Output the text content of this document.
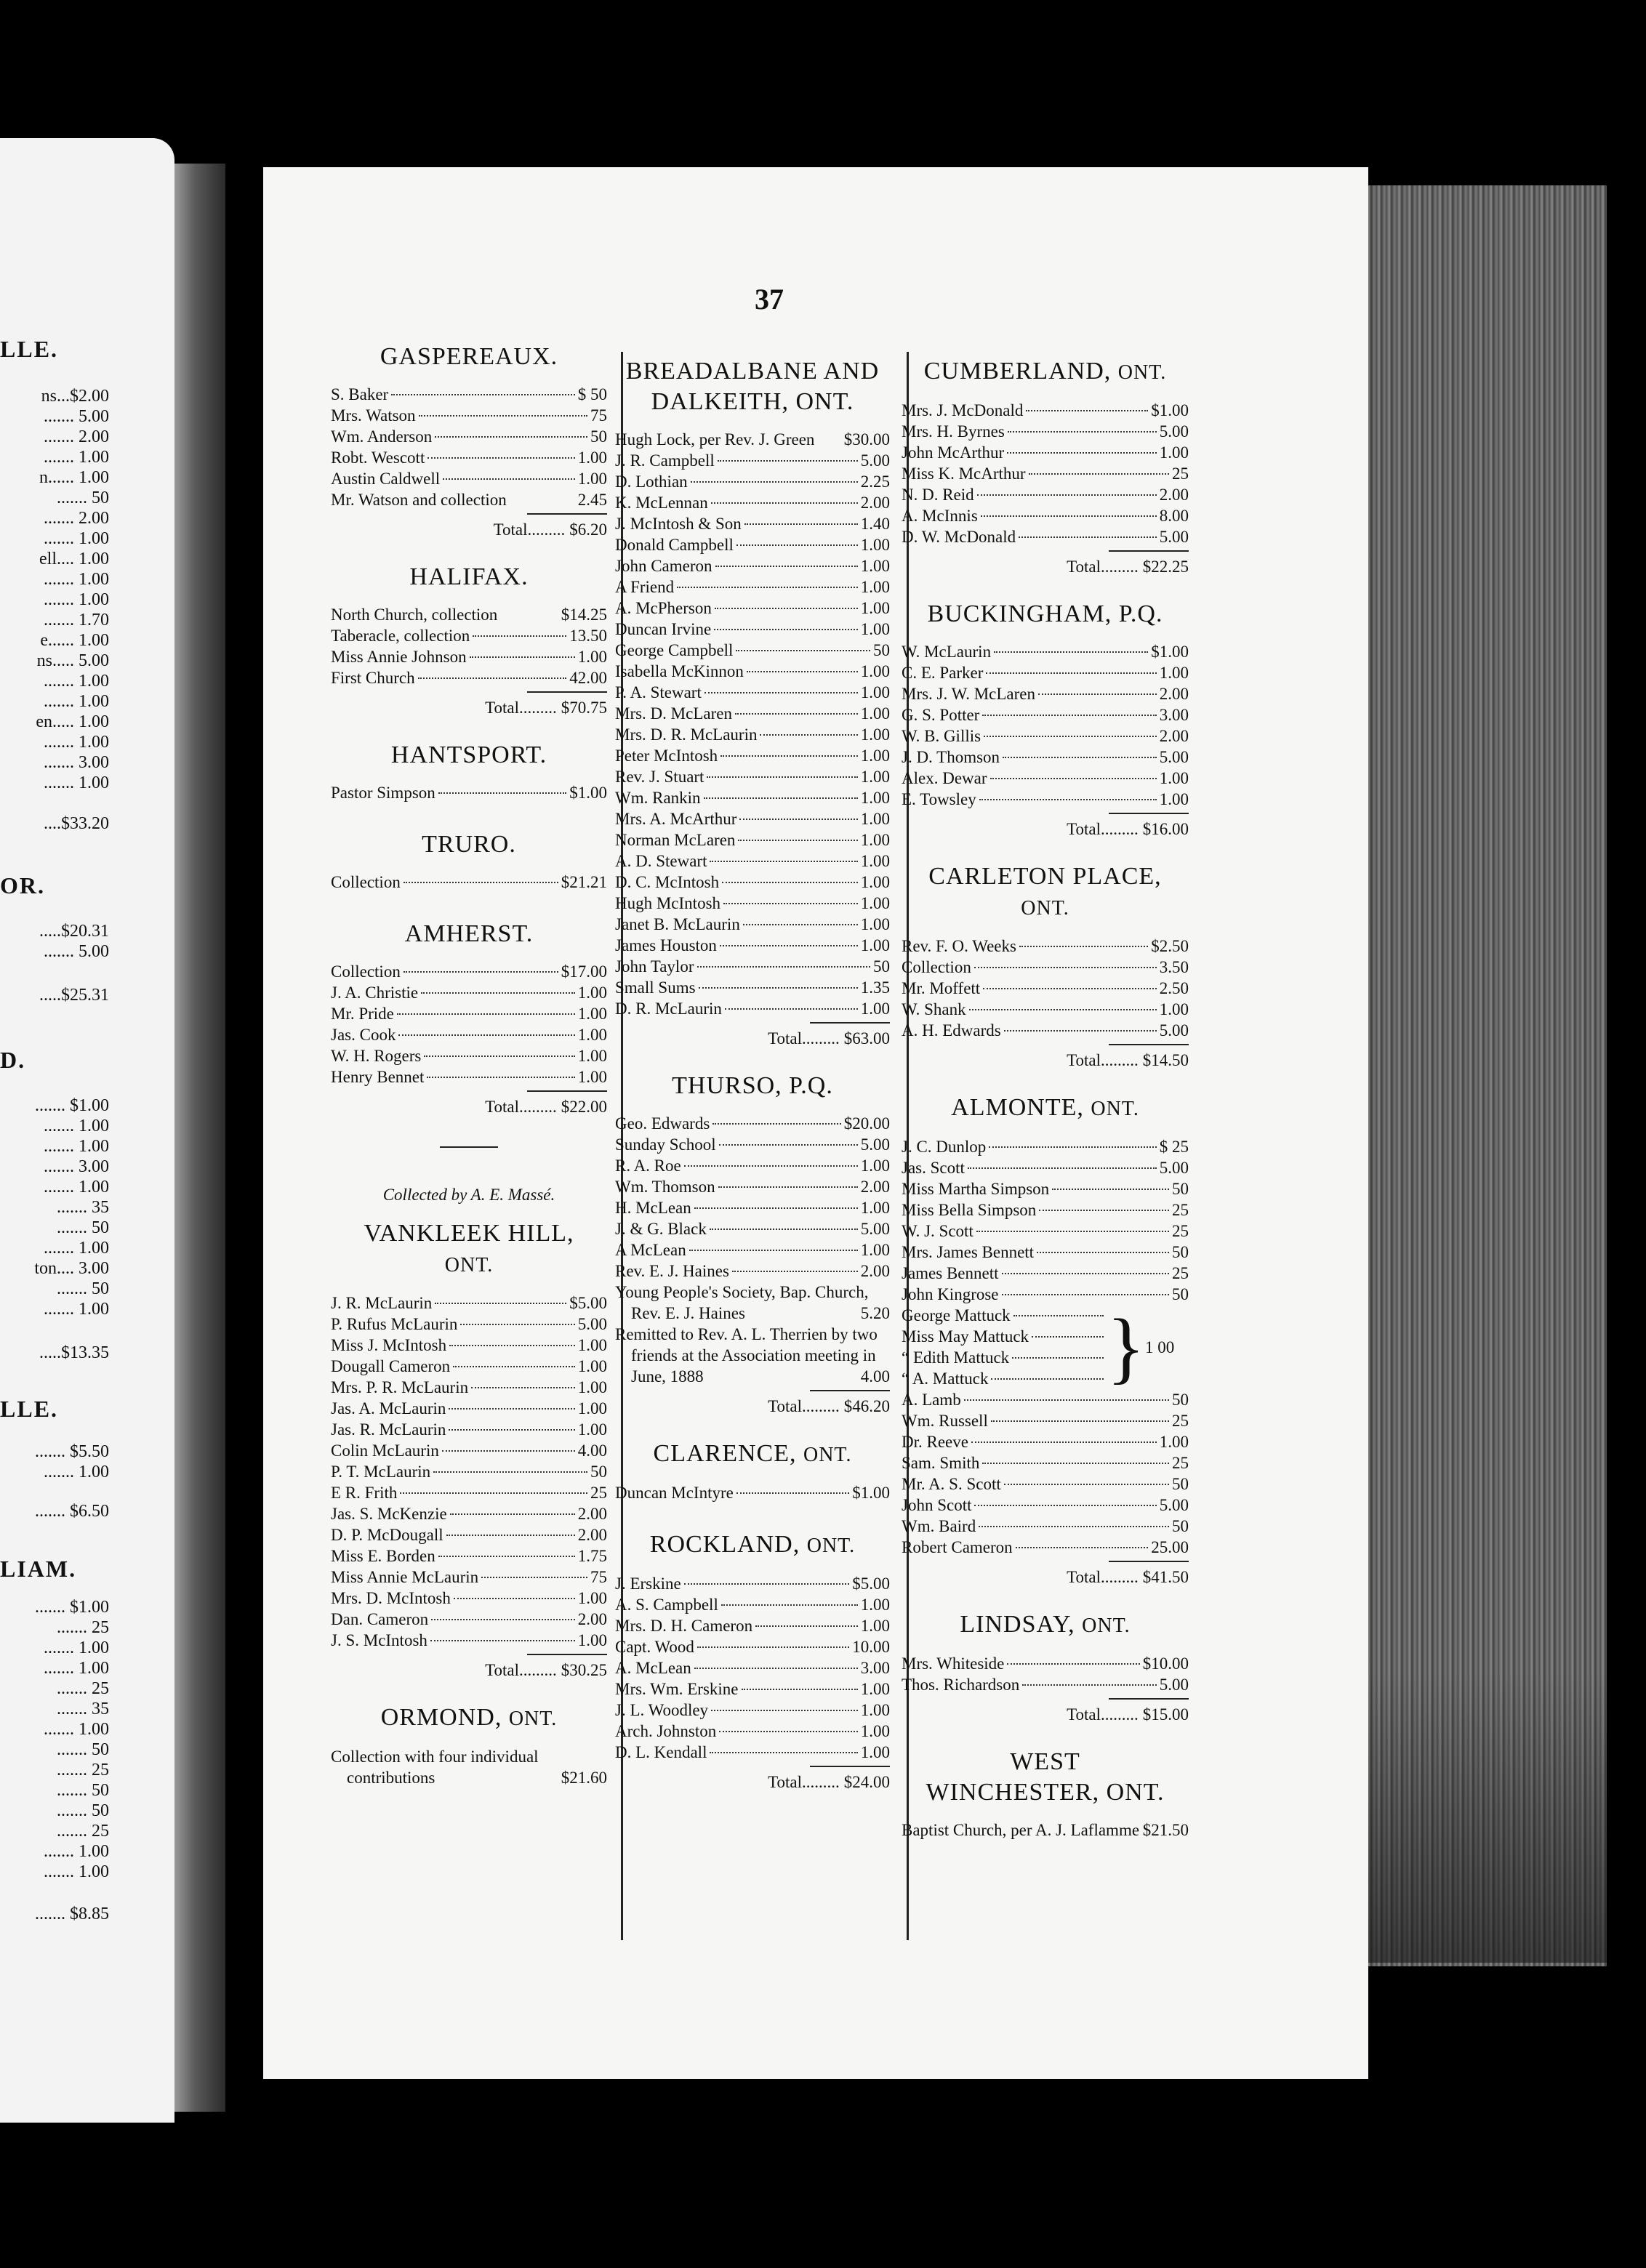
LLE.
ns...$2.00
....... 5.00
....... 2.00
....... 1.00
n...... 1.00
....... 50
....... 2.00
....... 1.00
ell.... 1.00
....... 1.00
....... 1.00
....... 1.70
e...... 1.00
ns..... 5.00
....... 1.00
....... 1.00
en..... 1.00
....... 1.00
....... 3.00
....... 1.00
....$33.20
OR.
.....$20.31
....... 5.00
.....$25.31
D.
....... $1.00
....... 1.00
....... 1.00
....... 3.00
....... 1.00
....... 35
....... 50
....... 1.00
ton.... 3.00
....... 50
....... 1.00
.....$13.35
LLE.
....... $5.50
....... 1.00
....... $6.50
LIAM.
....... $1.00
....... 25
....... 1.00
....... 1.00
....... 25
....... 35
....... 1.00
....... 50
....... 25
....... 50
....... 50
....... 25
....... 1.00
....... 1.00
....... $8.85
37
GASPEREAUX.
S. Baker	$ 50
Mrs. Watson	75
Wm. Anderson	50
Robt. Wescott	1.00
Austin Caldwell	1.00
Mr. Watson and collection	2.45
Total......... $6.20
HALIFAX.
North Church, collection	$14.25
Taberacle, collection	13.50
Miss Annie Johnson	1.00
First Church	42.00
Total......... $70.75
HANTSPORT.
Pastor Simpson	$1.00
TRURO.
Collection	$21.21
AMHERST.
Collection	$17.00
J. A. Christie	1.00
Mr. Pride	1.00
Jas. Cook	1.00
W. H. Rogers	1.00
Henry Bennet	1.00
Total......... $22.00
Collected by A. E. Massé.
VANKLEEK HILL,
ONT.
J. R. McLaurin	$5.00
P. Rufus McLaurin	5.00
Miss J. McIntosh	1.00
Dougall Cameron	1.00
Mrs. P. R. McLaurin	1.00
Jas. A. McLaurin	1.00
Jas. R. McLaurin	1.00
Colin McLaurin	4.00
P. T. McLaurin	50
E R. Frith	25
Jas. S. McKenzie	2.00
D. P. McDougall	2.00
Miss E. Borden	1.75
Miss Annie McLaurin	75
Mrs. D. McIntosh	1.00
Dan. Cameron	2.00
J. S. McIntosh	1.00
Total......... $30.25
ORMOND, ONT.
Collection with four individual contributions	$21.60
BREADALBANE AND
DALKEITH, ONT.
Hugh Lock, per Rev. J. Green $30.00
J. R. Campbell	5.00
D. Lothian	2.25
K. McLennan	2.00
J. McIntosh & Son	1.40
Donald Campbell	1.00
John Cameron	1.00
A Friend	1.00
A. McPherson	1.00
Duncan Irvine	1.00
George Campbell	50
Isabella McKinnon	1.00
P. A. Stewart	1.00
Mrs. D. McLaren	1.00
Mrs. D. R. McLaurin	1.00
Peter McIntosh	1.00
Rev. J. Stuart	1.00
Wm. Rankin	1.00
Mrs. A. McArthur	1.00
Norman McLaren	1.00
A. D. Stewart	1.00
D. C. McIntosh	1.00
Hugh McIntosh	1.00
Janet B. McLaurin	1.00
James Houston	1.00
John Taylor	50
Small Sums	1.35
D. R. McLaurin	1.00
Total......... $63.00
THURSO, P.Q.
Geo. Edwards	$20.00
Sunday School	5.00
R. A. Roe	1.00
Wm. Thomson	2.00
H. McLean	1.00
J. & G. Black	5.00
A McLean	1.00
Rev. E. J. Haines	2.00
Young People's Society, Bap. Church, Rev. E. J. Haines	5.20
Remitted to Rev. A. L. Therrien by two friends at the Association meeting in June, 1888	4.00
Total......... $46.20
CLARENCE, ONT.
Duncan McIntyre	$1.00
ROCKLAND, ONT.
J. Erskine	$5.00
A. S. Campbell	1.00
Mrs. D. H. Cameron	1.00
Capt. Wood	10.00
A. McLean	3.00
Mrs. Wm. Erskine	1.00
J. L. Woodley	1.00
Arch. Johnston	1.00
D. L. Kendall	1.00
Total......... $24.00
CUMBERLAND, ONT.
Mrs. J. McDonald	$1.00
Mrs. H. Byrnes	5.00
John McArthur	1.00
Miss K. McArthur	25
N. D. Reid	2.00
A. McInnis	8.00
D. W. McDonald	5.00
Total......... $22.25
BUCKINGHAM, P.Q.
W. McLaurin	$1.00
C. E. Parker	1.00
Mrs. J. W. McLaren	2.00
G. S. Potter	3.00
W. B. Gillis	2.00
J. D. Thomson	5.00
Alex. Dewar	1.00
E. Towsley	1.00
Total......... $16.00
CARLETON PLACE,
ONT.
Rev. F. O. Weeks	$2.50
Collection	3.50
Mr. Moffett	2.50
W. Shank	1.00
A. H. Edwards	5.00
Total......... $14.50
ALMONTE, ONT.
J. C. Dunlop	$ 25
Jas. Scott	5.00
Miss Martha Simpson	50
Miss Bella Simpson	25
W. J. Scott	25
Mrs. James Bennett	50
James Bennett	25
John Kingrose	50
George Mattuck
Miss May Mattuck
“ Edith Mattuck
“ A. Mattuck } 1 00
A. Lamb	50
Wm. Russell	25
Dr. Reeve	1.00
Sam. Smith	25
Mr. A. S. Scott	50
John Scott	5.00
Wm. Baird	50
Robert Cameron	25.00
Total......... $41.50
LINDSAY, ONT.
Mrs. Whiteside	$10.00
Thos. Richardson	5.00
Total......... $15.00
WEST
WINCHESTER, ONT.
Baptist Church, per A. J. Laflamme $21.50
